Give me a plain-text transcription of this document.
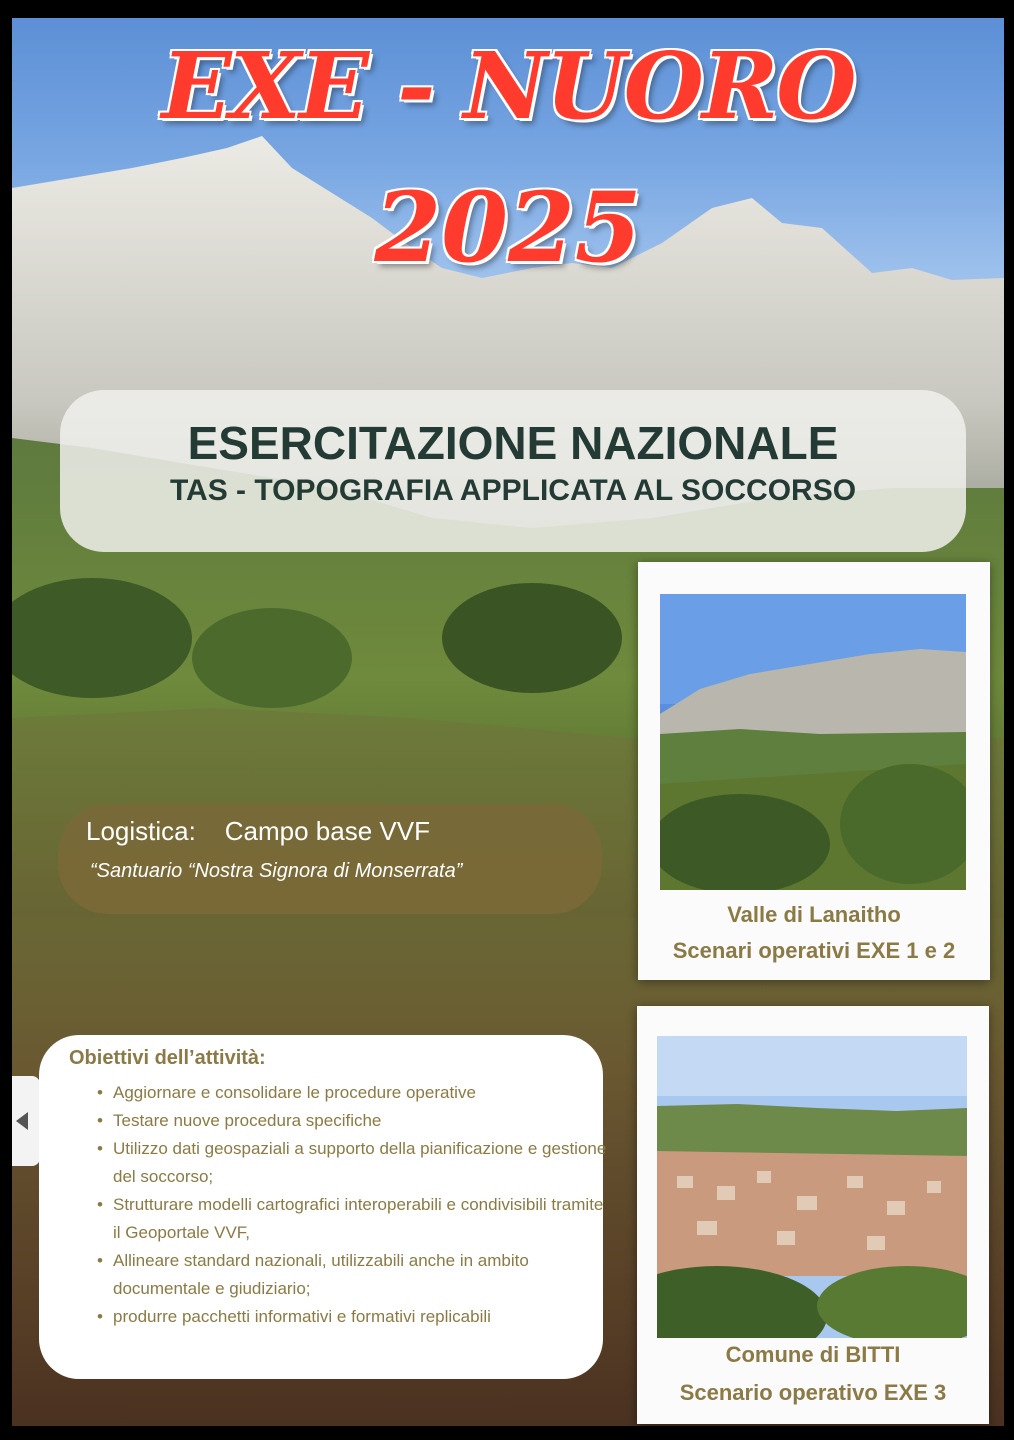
EXE - NUORO
2025
ESERCITAZIONE NAZIONALE
TAS - TOPOGRAFIA APPLICATA AL SOCCORSO
Logistica: Campo base VVF
“Santuario “Nostra Signora di Monserrata”
Valle di Lanaitho
Scenari operativi EXE 1 e 2
Comune di BITTI
Scenario operativo EXE 3
Obiettivi dell’attività:
• Aggiornare e consolidare le procedure operative
• Testare nuove procedura specifiche
• Utilizzo dati geospaziali a supporto della pianificazione e gestione del soccorso;
• Strutturare modelli cartografici interoperabili e condivisibili tramite il Geoportale VVF,
• Allineare standard nazionali, utilizzabili anche in ambito documentale e giudiziario;
• produrre pacchetti informativi e formativi replicabili
